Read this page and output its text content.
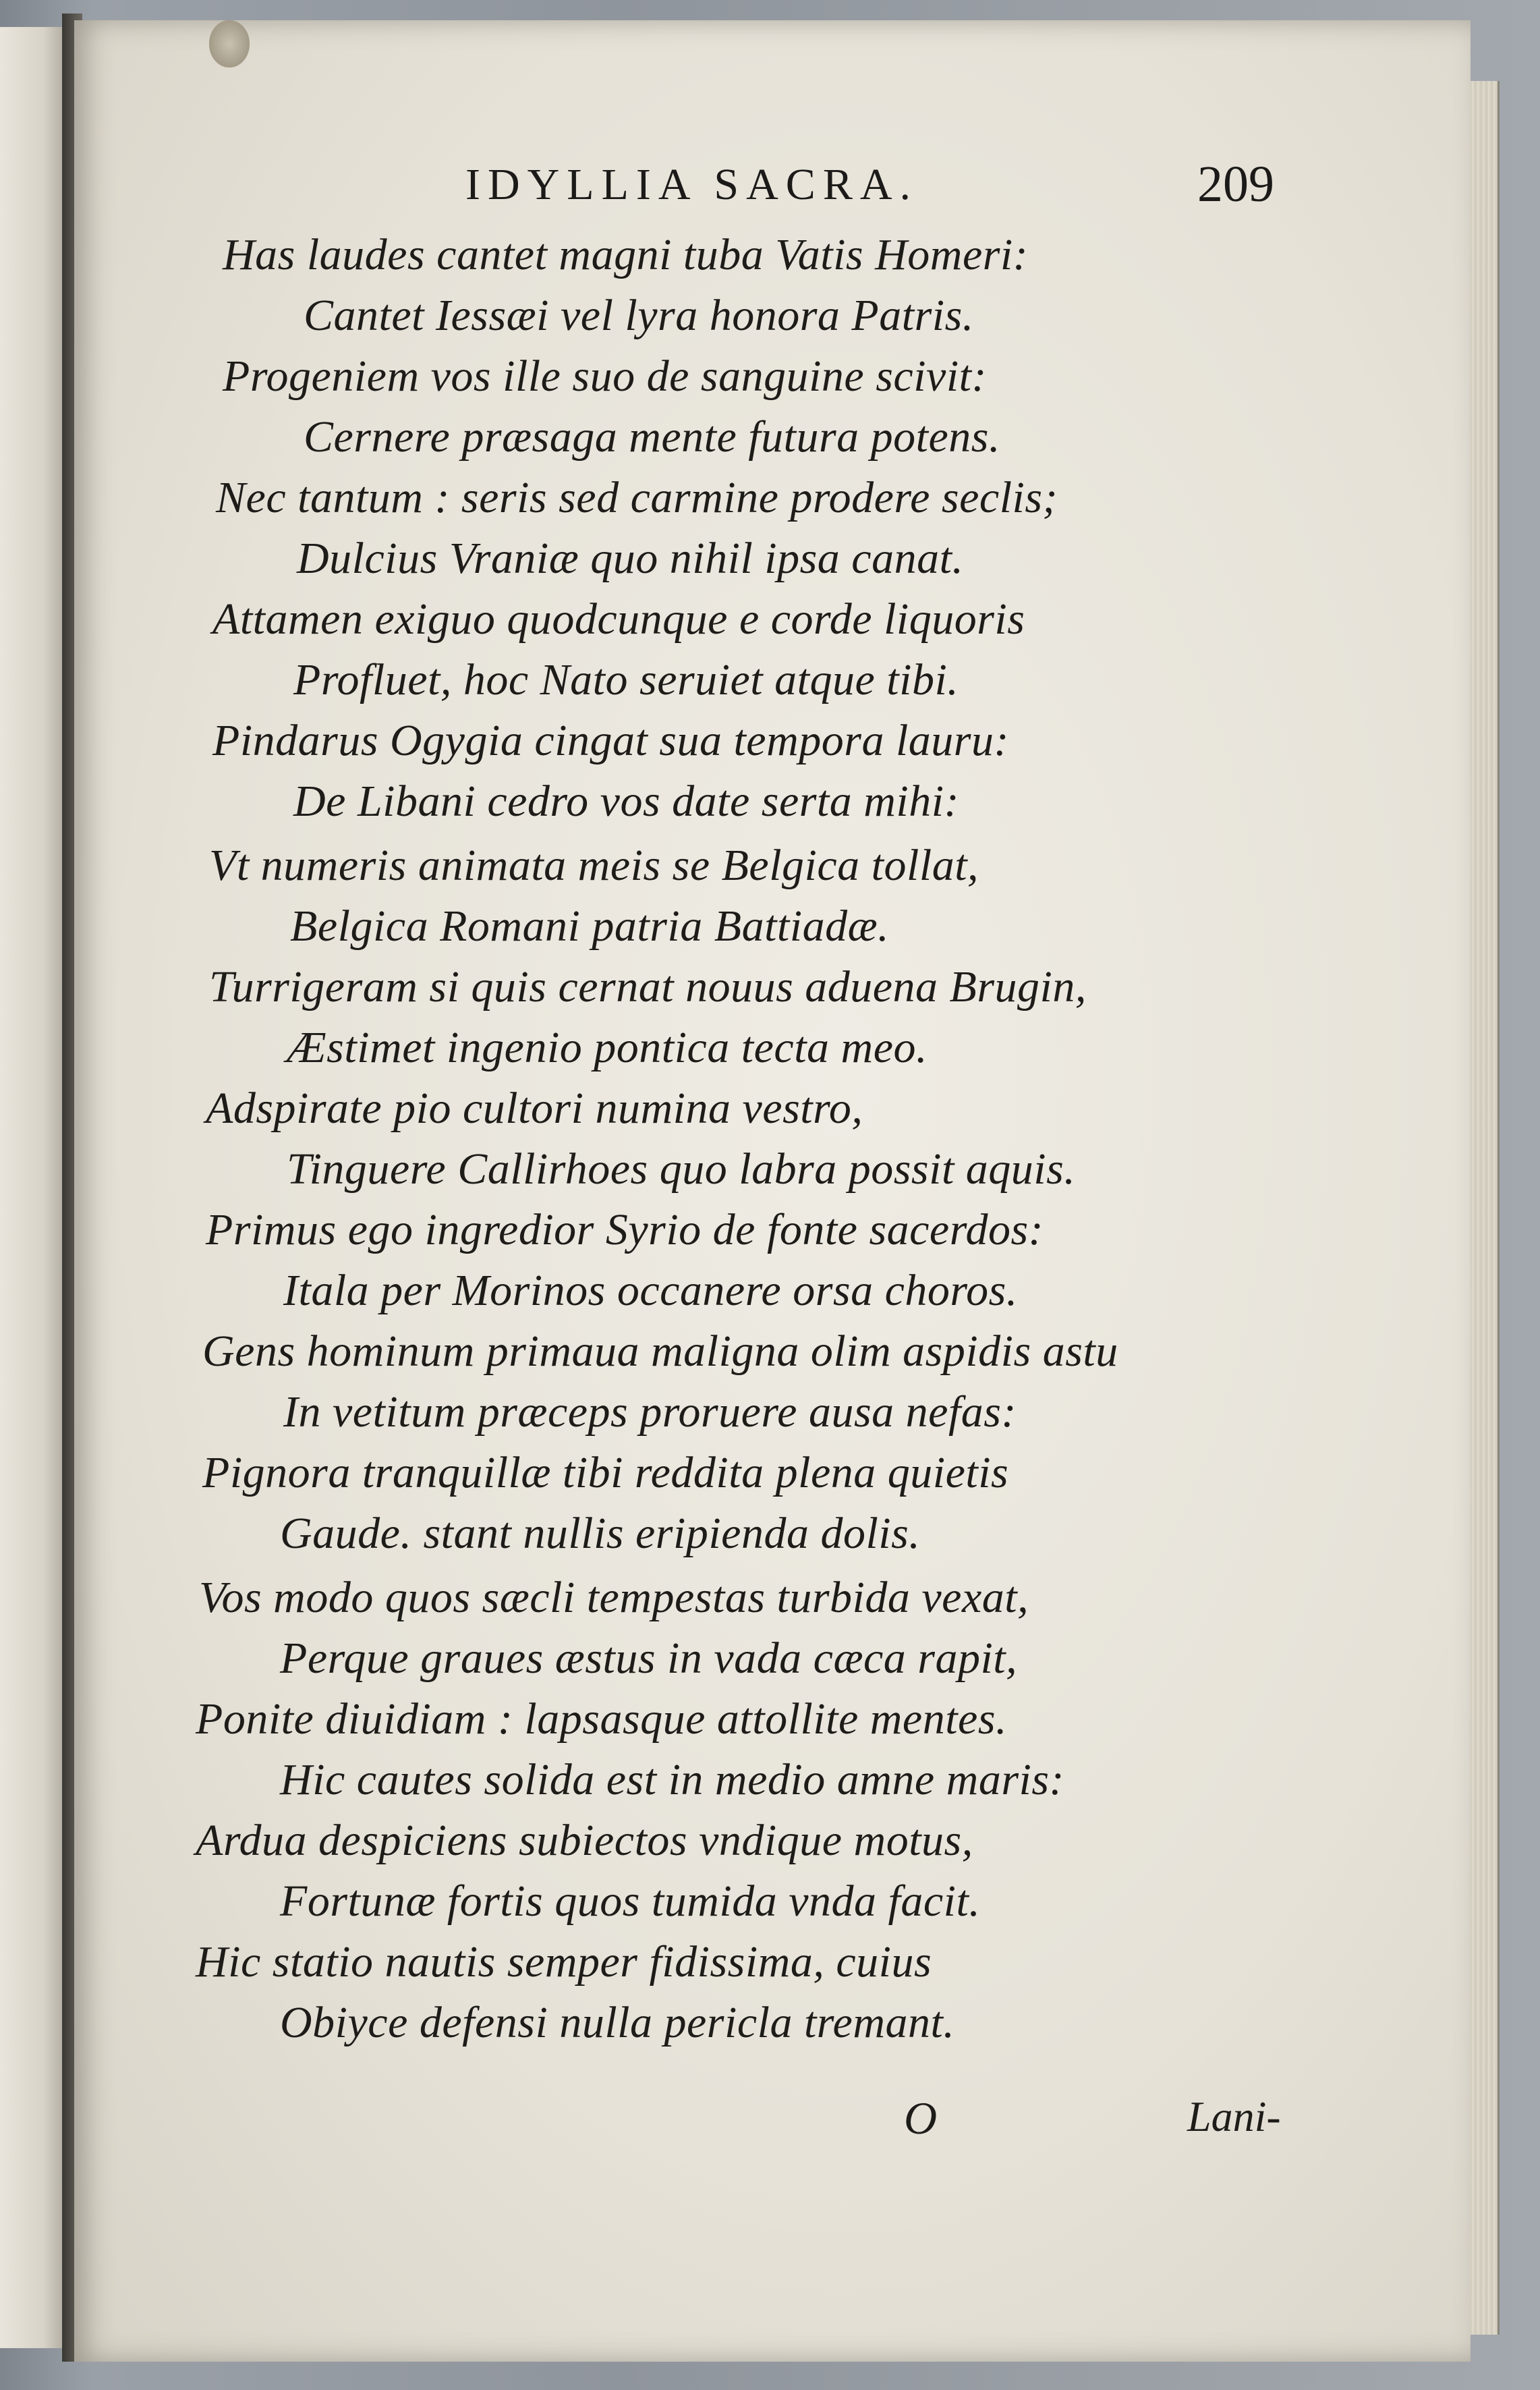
IDYLLIA SACRA.	209
Has laudes cantet magni tuba Vatis Homeri:
Cantet Iessæi vel lyra honora Patris.
Progeniem vos ille suo de sanguine scivit:
Cernere præsaga mente futura potens.
Nec tantum : seris sed carmine prodere seclis;
Dulcius Vraniæ quo nihil ipsa canat.
Attamen exiguo quodcunque e corde liquoris
Profluet, hoc Nato seruiet atque tibi.
Pindarus Ogygia cingat sua tempora lauru:
De Libani cedro vos date serta mihi:
Vt numeris animata meis se Belgica tollat,
Belgica Romani patria Battiadæ.
Turrigeram si quis cernat nouus aduena Brugin,
Æstimet ingenio pontica tecta meo.
Adspirate pio cultori numina vestro,
Tinguere Callirhoes quo labra possit aquis.
Primus ego ingredior Syrio de fonte sacerdos:
Itala per Morinos occanere orsa choros.
Gens hominum primaua maligna olim aspidis astu
In vetitum præceps proruere ausa nefas:
Pignora tranquillæ tibi reddita plena quietis
Gaude. stant nullis eripienda dolis.
Vos modo quos sæcli tempestas turbida vexat,
Perque graues æstus in vada cæca rapit,
Ponite diuidiam : lapsasque attollite mentes.
Hic cautes solida est in medio amne maris:
Ardua despiciens subiectos vndique motus,
Fortunæ fortis quos tumida vnda facit.
Hic statio nautis semper fidissima, cuius
Obiyce defensi nulla pericla tremant.
O	Lani-
